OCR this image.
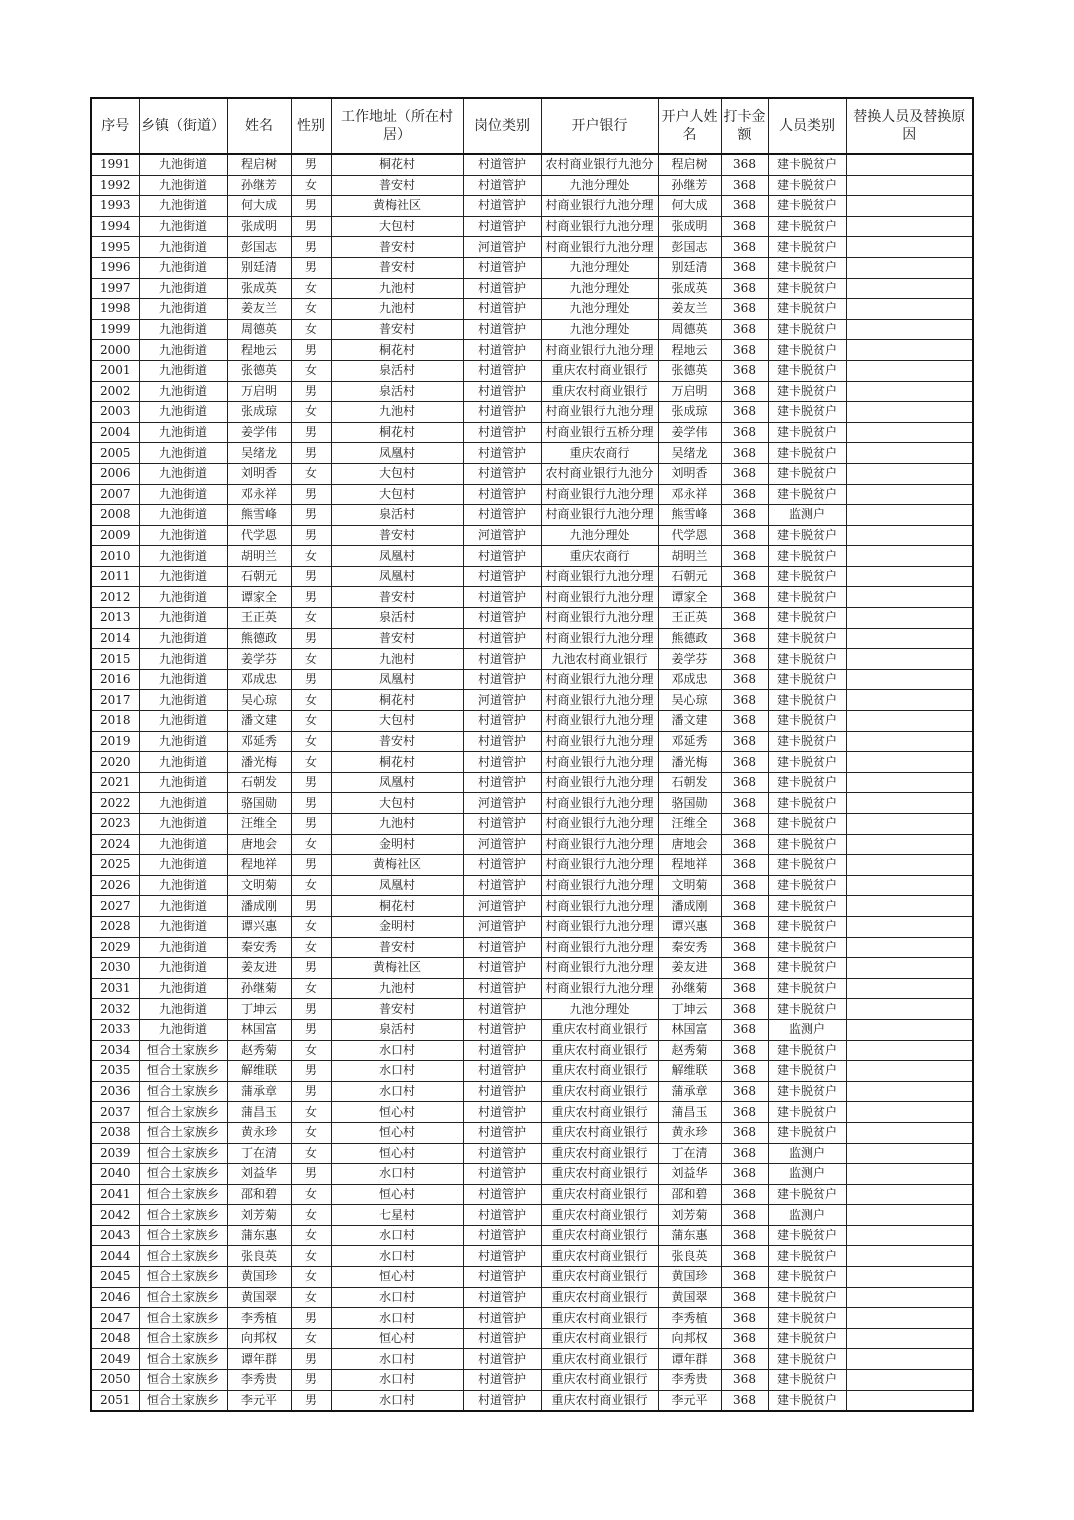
序号	乡镇（街道）	姓名	性别	工作地址（所在村居）	岗位类别	开户银行	开户人姓名	打卡金额	人员类别	替换人员及替换原因
1991	九池街道	程启树	男	桐花村	村道管护	农村商业银行九池分	程启树	368	建卡脱贫户	
1992	九池街道	孙继芳	女	普安村	村道管护	九池分理处	孙继芳	368	建卡脱贫户	
1993	九池街道	何大成	男	黄梅社区	村道管护	村商业银行九池分理	何大成	368	建卡脱贫户	
1994	九池街道	张成明	男	大包村	村道管护	村商业银行九池分理	张成明	368	建卡脱贫户	
1995	九池街道	彭国志	男	普安村	河道管护	村商业银行九池分理	彭国志	368	建卡脱贫户	
1996	九池街道	别廷清	男	普安村	村道管护	九池分理处	别廷清	368	建卡脱贫户	
1997	九池街道	张成英	女	九池村	村道管护	九池分理处	张成英	368	建卡脱贫户	
1998	九池街道	姜友兰	女	九池村	村道管护	九池分理处	姜友兰	368	建卡脱贫户	
1999	九池街道	周德英	女	普安村	村道管护	九池分理处	周德英	368	建卡脱贫户	
2000	九池街道	程地云	男	桐花村	村道管护	村商业银行九池分理	程地云	368	建卡脱贫户	
2001	九池街道	张德英	女	泉活村	村道管护	重庆农村商业银行	张德英	368	建卡脱贫户	
2002	九池街道	万启明	男	泉活村	村道管护	重庆农村商业银行	万启明	368	建卡脱贫户	
2003	九池街道	张成琼	女	九池村	村道管护	村商业银行九池分理	张成琼	368	建卡脱贫户	
2004	九池街道	姜学伟	男	桐花村	村道管护	村商业银行五桥分理	姜学伟	368	建卡脱贫户	
2005	九池街道	吴绪龙	男	凤凰村	村道管护	重庆农商行	吴绪龙	368	建卡脱贫户	
2006	九池街道	刘明香	女	大包村	村道管护	农村商业银行九池分	刘明香	368	建卡脱贫户	
2007	九池街道	邓永祥	男	大包村	村道管护	村商业银行九池分理	邓永祥	368	建卡脱贫户	
2008	九池街道	熊雪峰	男	泉活村	村道管护	村商业银行九池分理	熊雪峰	368	监测户	
2009	九池街道	代学恩	男	普安村	河道管护	九池分理处	代学恩	368	建卡脱贫户	
2010	九池街道	胡明兰	女	凤凰村	村道管护	重庆农商行	胡明兰	368	建卡脱贫户	
2011	九池街道	石朝元	男	凤凰村	村道管护	村商业银行九池分理	石朝元	368	建卡脱贫户	
2012	九池街道	谭家全	男	普安村	村道管护	村商业银行九池分理	谭家全	368	建卡脱贫户	
2013	九池街道	王正英	女	泉活村	村道管护	村商业银行九池分理	王正英	368	建卡脱贫户	
2014	九池街道	熊德政	男	普安村	村道管护	村商业银行九池分理	熊德政	368	建卡脱贫户	
2015	九池街道	姜学芬	女	九池村	村道管护	九池农村商业银行	姜学芬	368	建卡脱贫户	
2016	九池街道	邓成忠	男	凤凰村	村道管护	村商业银行九池分理	邓成忠	368	建卡脱贫户	
2017	九池街道	吴心琼	女	桐花村	河道管护	村商业银行九池分理	吴心琼	368	建卡脱贫户	
2018	九池街道	潘文建	女	大包村	村道管护	村商业银行九池分理	潘文建	368	建卡脱贫户	
2019	九池街道	邓延秀	女	普安村	村道管护	村商业银行九池分理	邓延秀	368	建卡脱贫户	
2020	九池街道	潘光梅	女	桐花村	村道管护	村商业银行九池分理	潘光梅	368	建卡脱贫户	
2021	九池街道	石朝发	男	凤凰村	村道管护	村商业银行九池分理	石朝发	368	建卡脱贫户	
2022	九池街道	骆国勋	男	大包村	河道管护	村商业银行九池分理	骆国勋	368	建卡脱贫户	
2023	九池街道	汪维全	男	九池村	村道管护	村商业银行九池分理	汪维全	368	建卡脱贫户	
2024	九池街道	唐地会	女	金明村	河道管护	村商业银行九池分理	唐地会	368	建卡脱贫户	
2025	九池街道	程地祥	男	黄梅社区	村道管护	村商业银行九池分理	程地祥	368	建卡脱贫户	
2026	九池街道	文明菊	女	凤凰村	村道管护	村商业银行九池分理	文明菊	368	建卡脱贫户	
2027	九池街道	潘成刚	男	桐花村	河道管护	村商业银行九池分理	潘成刚	368	建卡脱贫户	
2028	九池街道	谭兴惠	女	金明村	河道管护	村商业银行九池分理	谭兴惠	368	建卡脱贫户	
2029	九池街道	秦安秀	女	普安村	村道管护	村商业银行九池分理	秦安秀	368	建卡脱贫户	
2030	九池街道	姜友进	男	黄梅社区	村道管护	村商业银行九池分理	姜友进	368	建卡脱贫户	
2031	九池街道	孙继菊	女	九池村	村道管护	村商业银行九池分理	孙继菊	368	建卡脱贫户	
2032	九池街道	丁坤云	男	普安村	村道管护	九池分理处	丁坤云	368	建卡脱贫户	
2033	九池街道	林国富	男	泉活村	村道管护	重庆农村商业银行	林国富	368	监测户	
2034	恒合土家族乡	赵秀菊	女	水口村	村道管护	重庆农村商业银行	赵秀菊	368	建卡脱贫户	
2035	恒合土家族乡	解维联	男	水口村	村道管护	重庆农村商业银行	解维联	368	建卡脱贫户	
2036	恒合土家族乡	蒲承章	男	水口村	村道管护	重庆农村商业银行	蒲承章	368	建卡脱贫户	
2037	恒合土家族乡	蒲昌玉	女	恒心村	村道管护	重庆农村商业银行	蒲昌玉	368	建卡脱贫户	
2038	恒合土家族乡	黄永珍	女	恒心村	村道管护	重庆农村商业银行	黄永珍	368	建卡脱贫户	
2039	恒合土家族乡	丁在清	女	恒心村	村道管护	重庆农村商业银行	丁在清	368	监测户	
2040	恒合土家族乡	刘益华	男	水口村	村道管护	重庆农村商业银行	刘益华	368	监测户	
2041	恒合土家族乡	邵和碧	女	恒心村	村道管护	重庆农村商业银行	邵和碧	368	建卡脱贫户	
2042	恒合土家族乡	刘芳菊	女	七星村	村道管护	重庆农村商业银行	刘芳菊	368	监测户	
2043	恒合土家族乡	蒲东惠	女	水口村	村道管护	重庆农村商业银行	蒲东惠	368	建卡脱贫户	
2044	恒合土家族乡	张良英	女	水口村	村道管护	重庆农村商业银行	张良英	368	建卡脱贫户	
2045	恒合土家族乡	黄国珍	女	恒心村	村道管护	重庆农村商业银行	黄国珍	368	建卡脱贫户	
2046	恒合土家族乡	黄国翠	女	水口村	村道管护	重庆农村商业银行	黄国翠	368	建卡脱贫户	
2047	恒合土家族乡	李秀植	男	水口村	村道管护	重庆农村商业银行	李秀植	368	建卡脱贫户	
2048	恒合土家族乡	向邦权	女	恒心村	村道管护	重庆农村商业银行	向邦权	368	建卡脱贫户	
2049	恒合土家族乡	谭年群	男	水口村	村道管护	重庆农村商业银行	谭年群	368	建卡脱贫户	
2050	恒合土家族乡	李秀贵	男	水口村	村道管护	重庆农村商业银行	李秀贵	368	建卡脱贫户	
2051	恒合土家族乡	李元平	男	水口村	村道管护	重庆农村商业银行	李元平	368	建卡脱贫户	
